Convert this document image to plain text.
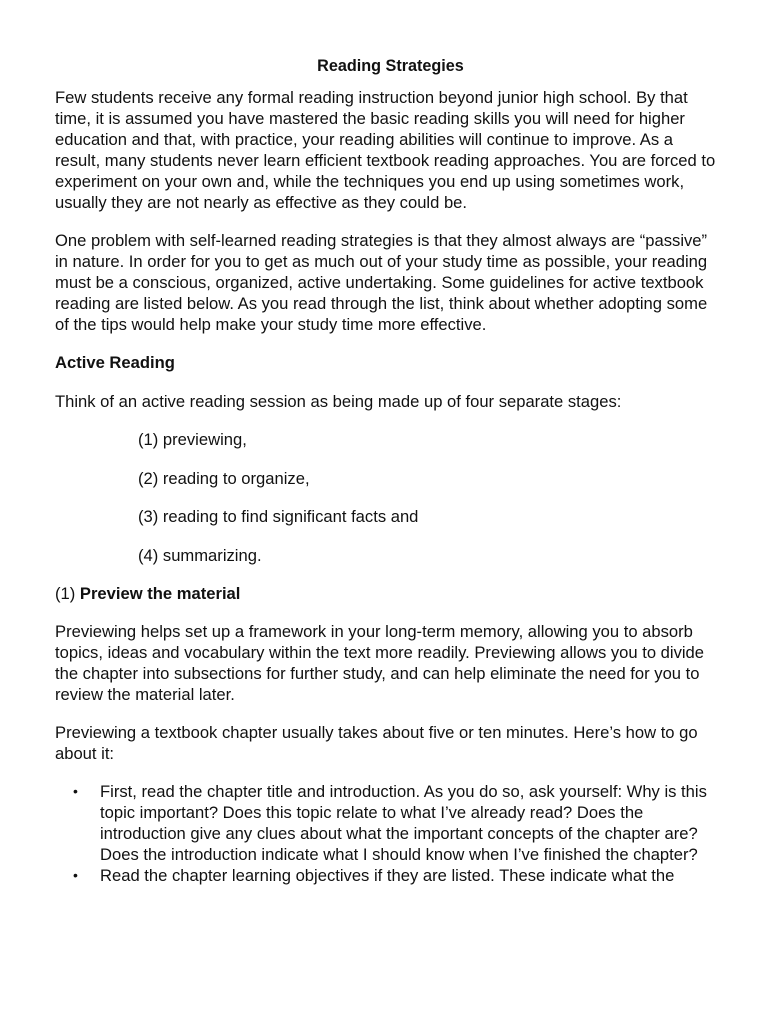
Reading Strategies

Few students receive any formal reading instruction beyond junior high school. By that time, it is assumed you have mastered the basic reading skills you will need for higher education and that, with practice, your reading abilities will continue to improve. As a result, many students never learn efficient textbook reading approaches. You are forced to experiment on your own and, while the techniques you end up using sometimes work, usually they are not nearly as effective as they could be.

One problem with self-learned reading strategies is that they almost always are “passive” in nature. In order for you to get as much out of your study time as possible, your reading must be a conscious, organized, active undertaking. Some guidelines for active textbook reading are listed below. As you read through the list, think about whether adopting some of the tips would help make your study time more effective.

Active Reading

Think of an active reading session as being made up of four separate stages:

(1) previewing,
(2) reading to organize,
(3) reading to find significant facts and
(4) summarizing.
(1) Preview the material

Previewing helps set up a framework in your long-term memory, allowing you to absorb topics, ideas and vocabulary within the text more readily. Previewing allows you to divide the chapter into subsections for further study, and can help eliminate the need for you to review the material later.

Previewing a textbook chapter usually takes about five or ten minutes. Here’s how to go about it:

• First, read the chapter title and introduction. As you do so, ask yourself: Why is this topic important? Does this topic relate to what I’ve already read? Does the introduction give any clues about what the important concepts of the chapter are? Does the introduction indicate what I should know when I’ve finished the chapter?
• Read the chapter learning objectives if they are listed. These indicate what the
